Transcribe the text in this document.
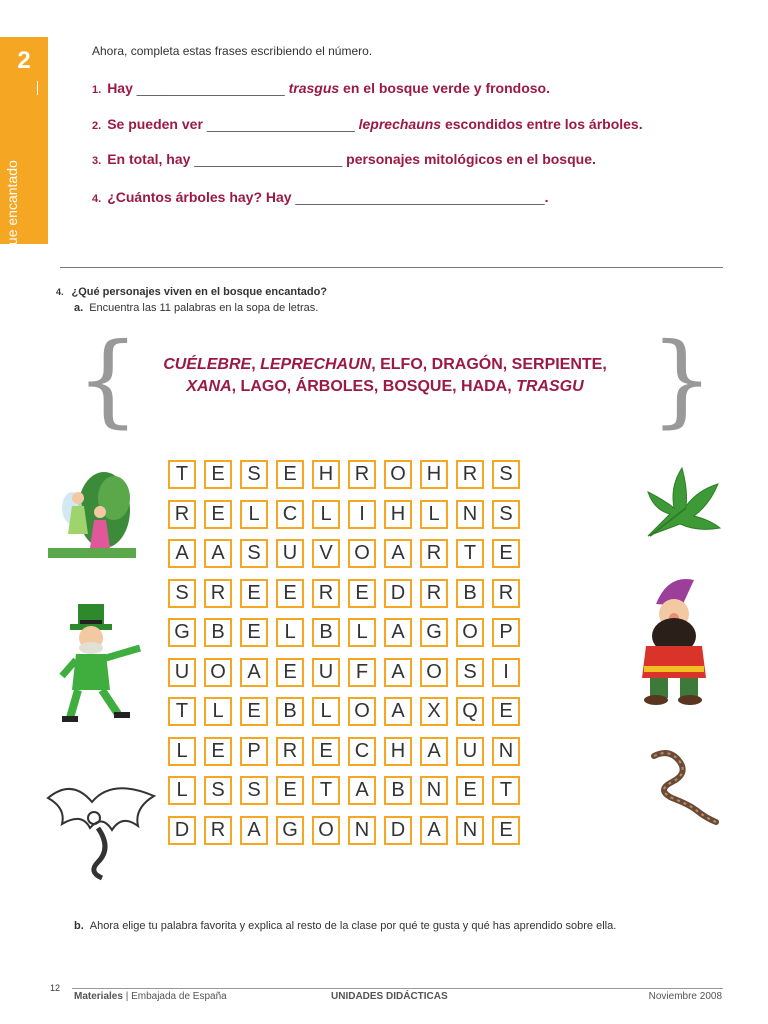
2
Bosque encantado
Ahora, completa estas frases escribiendo el número.
1. Hay ___________________ trasgus en el bosque verde y frondoso.
2. Se pueden ver ___________________ leprechauns escondidos entre los árboles.
3. En total, hay ___________________ personajes mitológicos en el bosque.
4. ¿Cuántos árboles hay? Hay ________________________________.
4. ¿Qué personajes viven en el bosque encantado?
a. Encuentra las 11 palabras en la sopa de letras.
{	}
CUÉLEBRE, LEPRECHAUN, ELFO, DRAGÓN, SERPIENTE,
XANA, LAGO, ÁRBOLES, BOSQUE, HADA, TRASGU
T	E	S	E	H	R	O	H	R	S
R	E	L	C	L	I	H	L	N	S
A	A	S	U	V	O	A	R	T	E
S	R	E	E	R	E	D	R	B	R
G	B	E	L	B	L	A	G	O	P
U	O	A	E	U	F	A	O	S	I
T	L	E	B	L	O	A	X	Q	E
L	E	P	R	E	C	H	A	U	N
L	S	S	E	T	A	B	N	E	T
D	R	A	G	O	N	D	A	N	E
b. Ahora elige tu palabra favorita y explica al resto de la clase por qué te gusta y qué has aprendido sobre ella.
12
Materiales | Embajada de España	UNIDADES DIDÁCTICAS	Noviembre 2008
